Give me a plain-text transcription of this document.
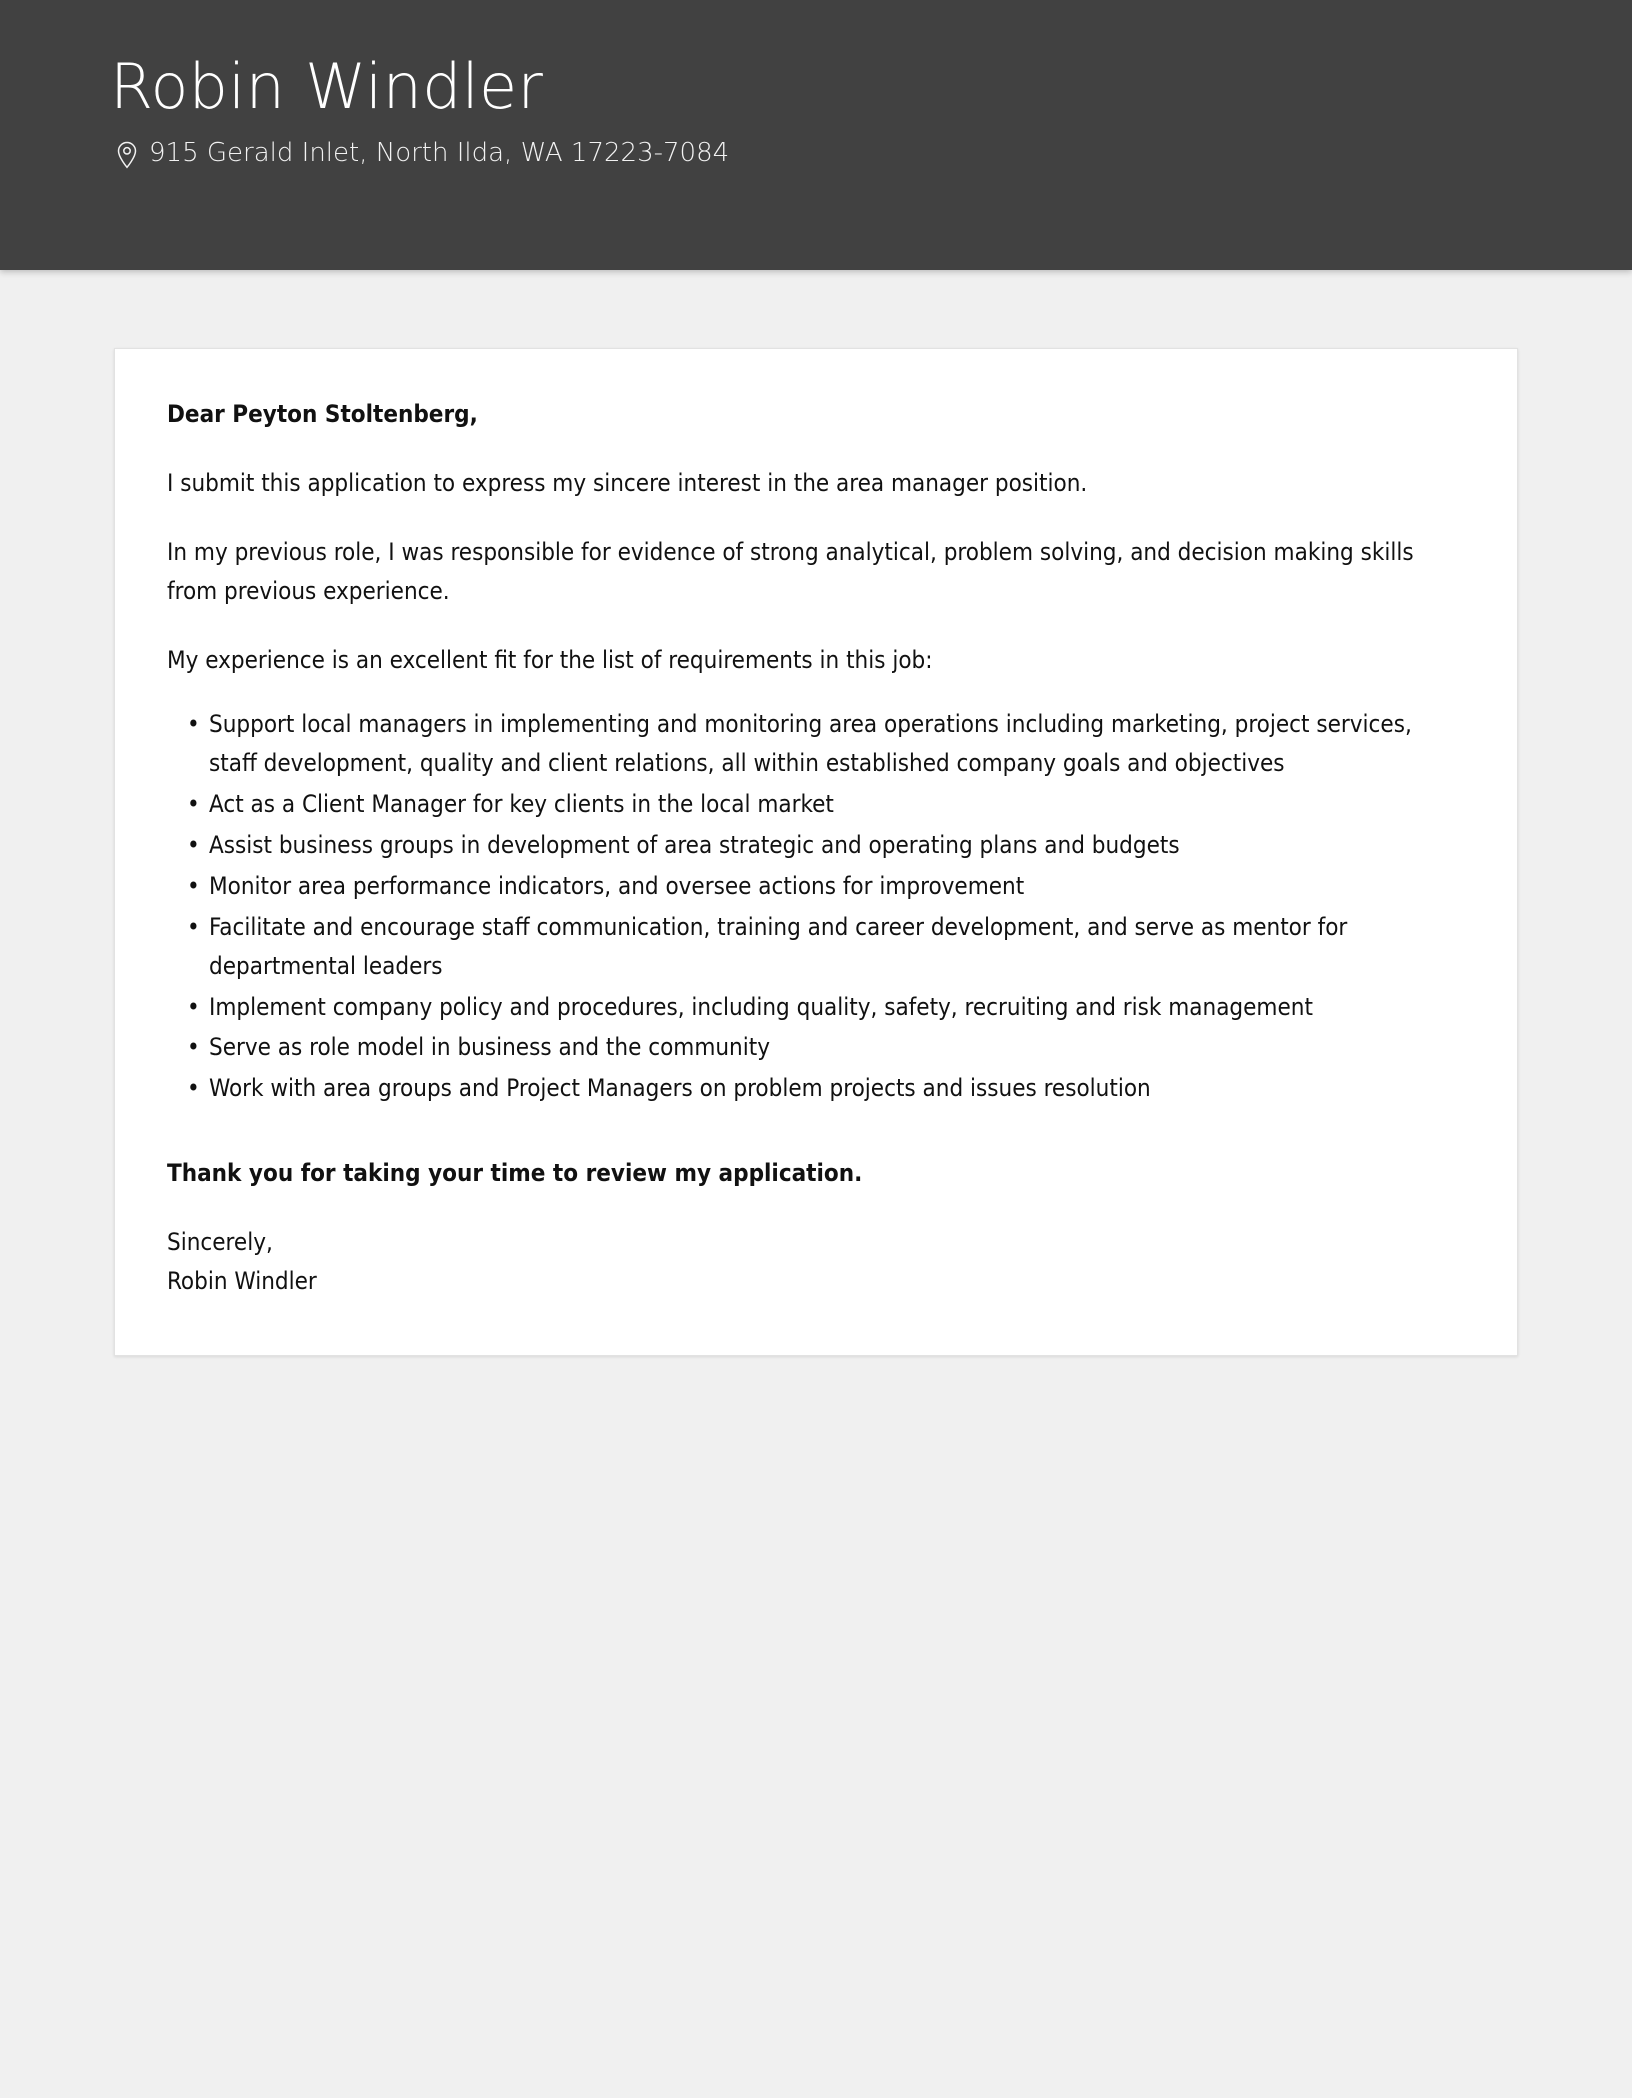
Robin Windler
915 Gerald Inlet, North Ilda, WA 17223-7084

Dear Peyton Stoltenberg,

I submit this application to express my sincere interest in the area manager position.

In my previous role, I was responsible for evidence of strong analytical, problem solving, and decision making skills from previous experience.

My experience is an excellent fit for the list of requirements in this job:

• Support local managers in implementing and monitoring area operations including marketing, project services, staff development, quality and client relations, all within established company goals and objectives
• Act as a Client Manager for key clients in the local market
• Assist business groups in development of area strategic and operating plans and budgets
• Monitor area performance indicators, and oversee actions for improvement
• Facilitate and encourage staff communication, training and career development, and serve as mentor for departmental leaders
• Implement company policy and procedures, including quality, safety, recruiting and risk management
• Serve as role model in business and the community
• Work with area groups and Project Managers on problem projects and issues resolution

Thank you for taking your time to review my application.

Sincerely,
Robin Windler
